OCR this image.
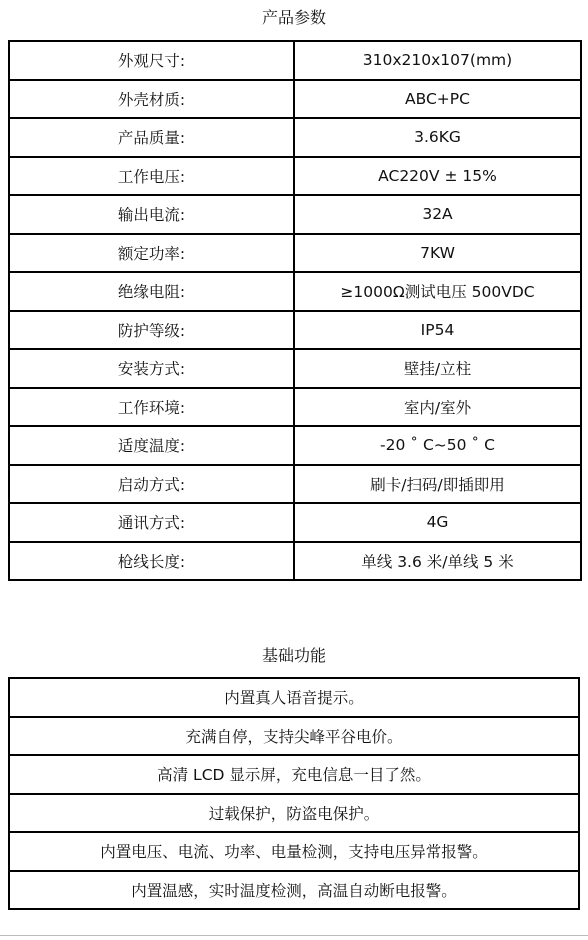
产品参数
外观尺寸:	310x210x107(mm)
外壳材质:	ABC+PC
产品质量:	3.6KG
工作电压:	AC220V ± 15%
输出电流:	32A
额定功率:	7KW
绝缘电阻:	≥1000Ω测试电压 500VDC
防护等级:	IP54
安装方式:	壁挂/立柱
工作环境:	室内/室外
适度温度:	-20 ˚ C~50 ˚ C
启动方式:	刷卡/扫码/即插即用
通讯方式:	4G
枪线长度:	单线 3.6 米/单线 5 米
基础功能
内置真人语音提示。
充满自停，支持尖峰平谷电价。
高清 LCD 显示屏，充电信息一目了然。
过载保护，防盗电保护。
内置电压、电流、功率、电量检测，支持电压异常报警。
内置温感，实时温度检测，高温自动断电报警。
